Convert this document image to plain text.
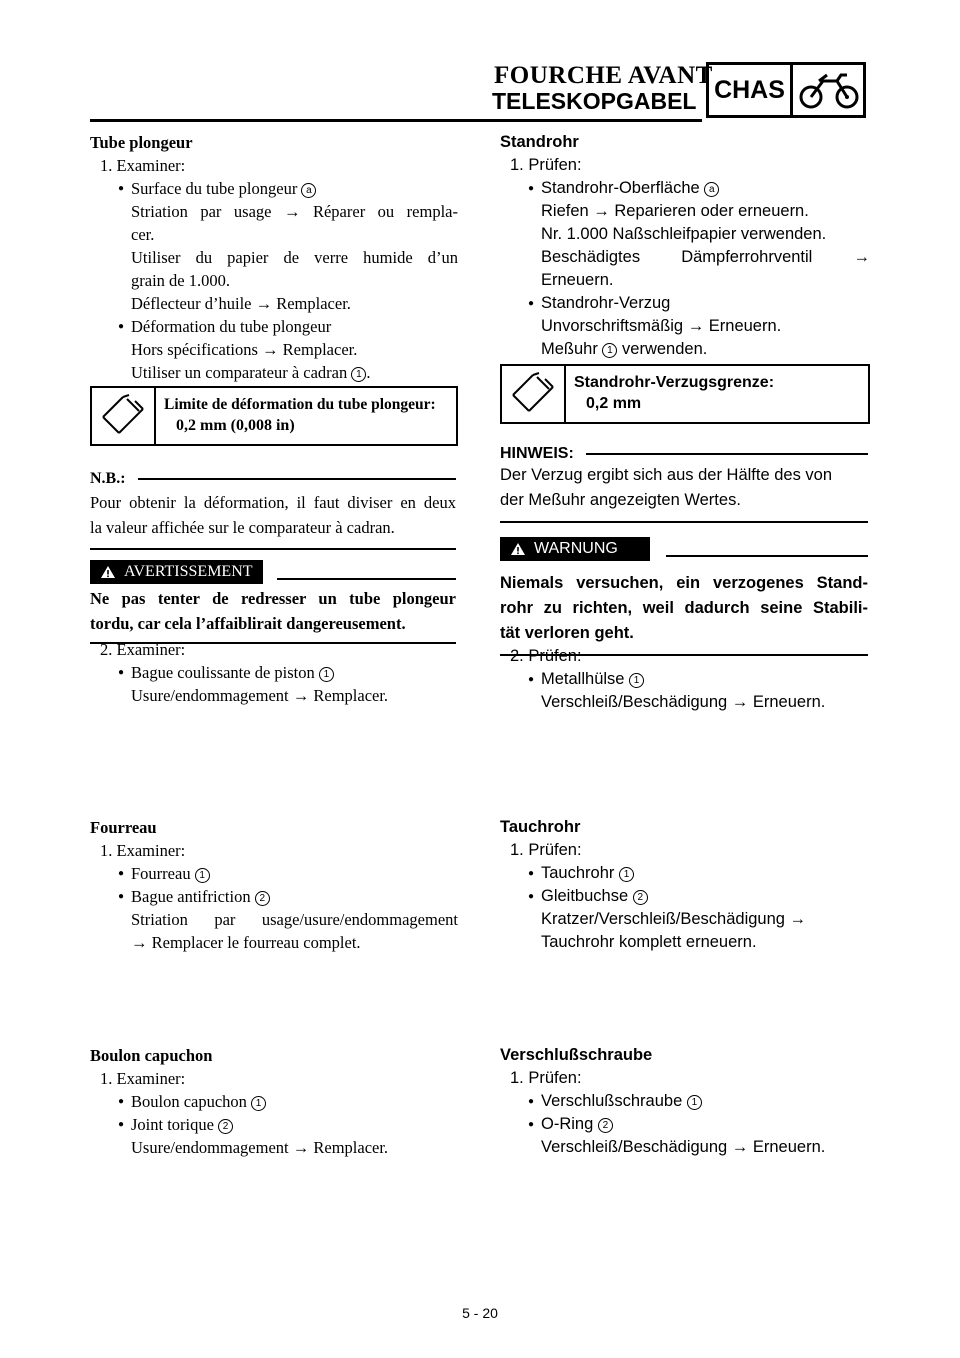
FOURCHE AVANT
TELESKOPGABEL CHAS
Tube plongeur
1. Examiner:
● Surface du tube plongeur a
Striation par usage → Réparer ou rempla-
cer.
Utiliser du papier de verre humide d’un
grain de 1.000.
Déflecteur d’huile → Remplacer.
● Déformation du tube plongeur
Hors spécifications → Remplacer.
Utiliser un comparateur à cadran 1 .
Limite de déformation du tube plongeur:
0,2 mm (0,008 in)
N.B.:
Pour obtenir la déformation, il faut diviser en deux
la valeur affichée sur le comparateur à cadran.
AVERTISSEMENT
Ne pas tenter de redresser un tube plongeur
tordu, car cela l’affaiblirait dangereusement.
2. Examiner:
● Bague coulissante de piston 1
Usure/endommagement → Remplacer.
Fourreau
1. Examiner:
● Fourreau 1
● Bague antifriction 2
Striation par usage/usure/endommagement
→ Remplacer le fourreau complet.
Boulon capuchon
1. Examiner:
● Boulon capuchon 1
● Joint torique 2
Usure/endommagement → Remplacer.
Standrohr
1. Prüfen:
● Standrohr-Oberfläche a
Riefen → Reparieren oder erneuern.
Nr. 1.000 Naßschleifpapier verwenden.
Beschädigtes Dämpferrohrventil →
Erneuern.
● Standrohr-Verzug
Unvorschriftsmäßig → Erneuern.
Meßuhr 1 verwenden.
Standrohr-Verzugsgrenze:
0,2 mm
HINWEIS:
Der Verzug ergibt sich aus der Hälfte des von
der Meßuhr angezeigten Wertes.
WARNUNG
Niemals versuchen, ein verzogenes Stand-
rohr zu richten, weil dadurch seine Stabili-
tät verloren geht.
2. Prüfen:
● Metallhülse 1
Verschleiß/Beschädigung → Erneuern.
Tauchrohr
1. Prüfen:
● Tauchrohr 1
● Gleitbuchse 2
Kratzer/Verschleiß/Beschädigung →
Tauchrohr komplett erneuern.
Verschlußschraube
1. Prüfen:
● Verschlußschraube 1
● O-Ring 2
Verschleiß/Beschädigung → Erneuern.
5 - 20
